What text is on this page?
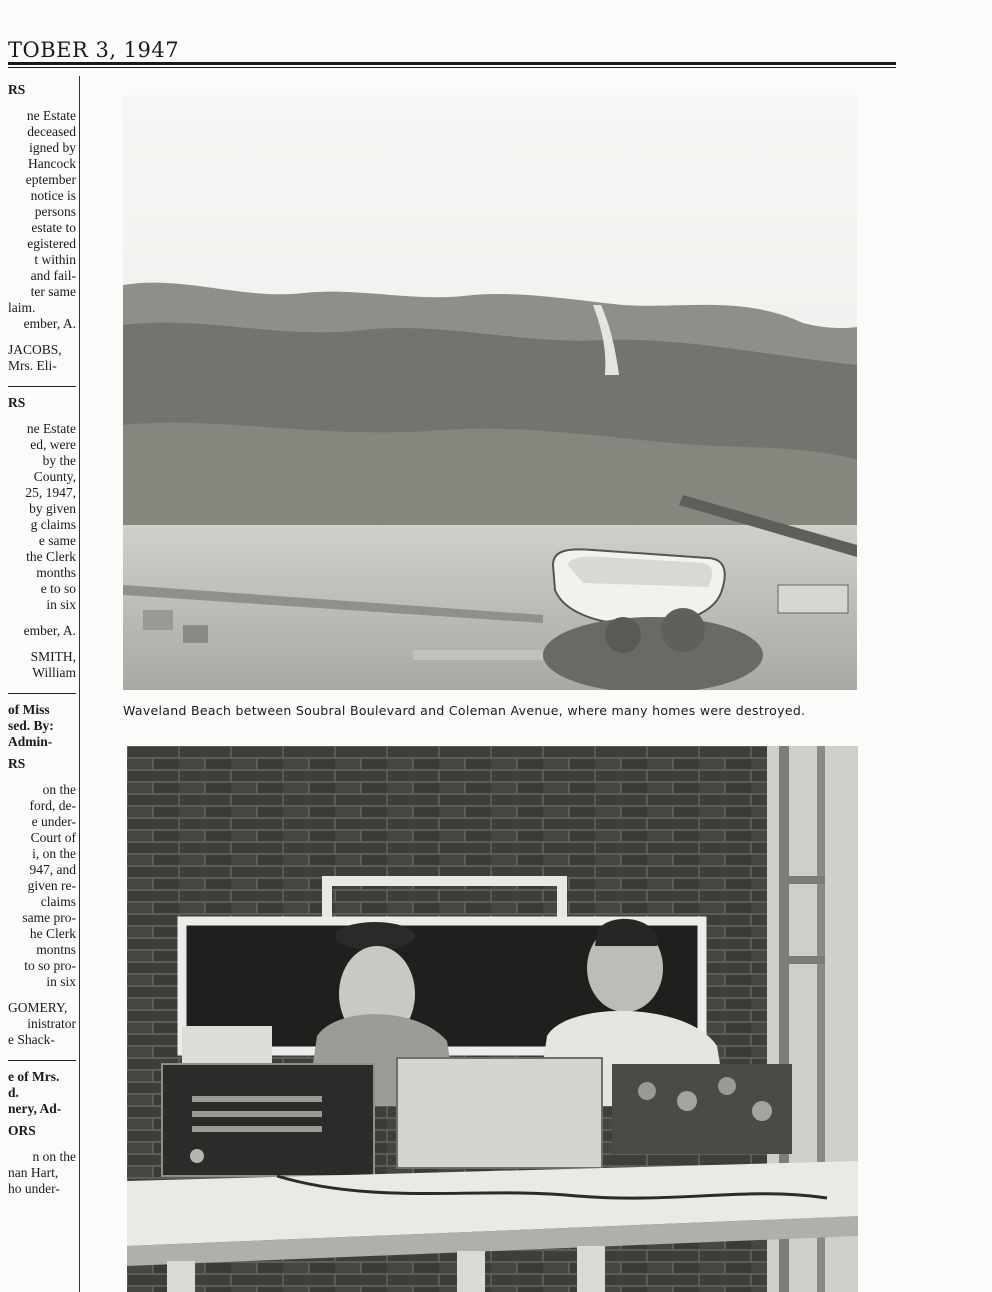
TOBER 3, 1947
RS
ne Estate
deceased
igned by
Hancock
eptember
notice is
persons
estate to
egistered
t within
and fail-
ter same
laim.
ember, A.
JACOBS,
Mrs. Eli-
RS
ne Estate
ed, were
by the
County,
25, 1947,
by given
g claims
e same
the Clerk
months
e to so
in six
ember, A.
SMITH,
William
of Miss
sed. By:
Admin-
RS
on the
ford, de-
e under-
Court of
i, on the
947, and
given re-
claims
same pro-
he Clerk
montns
to so pro-
in six
GOMERY,
inistrator
e Shack-
e of Mrs.
d.
nery, Ad-
ORS
n on the
nan Hart,
ho under-
Waveland Beach between Soubral Boulevard and Coleman Avenue, where many homes were destroyed.
